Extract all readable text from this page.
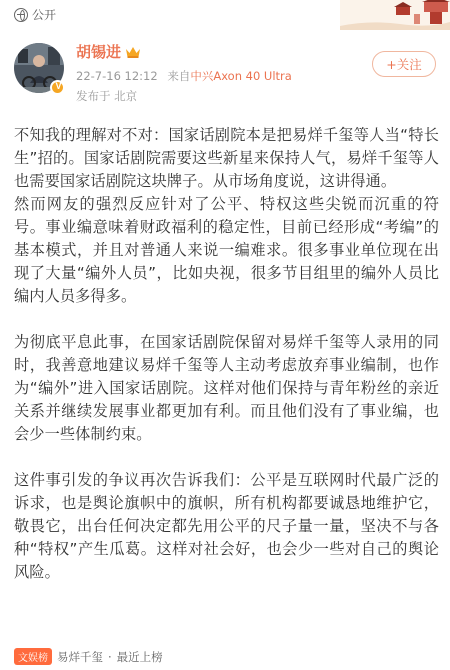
公开
V
胡锡进
22-7-16 12:12 来自中兴Axon 40 Ultra
发布于 北京
+关注

不知我的理解对不对：国家话剧院本是把易烊千玺等人当“特长生”招的。国家话剧院需要这些新星来保持人气，易烊千玺等人也需要国家话剧院这块牌子。从市场角度说，这讲得通。

然而网友的强烈反应针对了公平、特权这些尖锐而沉重的符号。事业编意味着财政福利的稳定性，目前已经形成“考编”的基本模式，并且对普通人来说一编难求。很多事业单位现在出现了大量“编外人员”，比如央视，很多节目组里的编外人员比编内人员多得多。

为彻底平息此事，在国家话剧院保留对易烊千玺等人录用的同时，我善意地建议易烊千玺等人主动考虑放弃事业编制，也作为“编外”进入国家话剧院。这样对他们保持与青年粉丝的亲近关系并继续发展事业都更加有利。而且他们没有了事业编，也会少一些体制约束。

这件事引发的争议再次告诉我们：公平是互联网时代最广泛的诉求，也是舆论旗帜中的旗帜，所有机构都要诚恳地维护它，敬畏它，出台任何决定都先用公平的尺子量一量，坚决不与各种“特权”产生瓜葛。这样对社会好，也会少一些对自己的舆论风险。

文娱榜 易烊千玺 · 最近上榜
